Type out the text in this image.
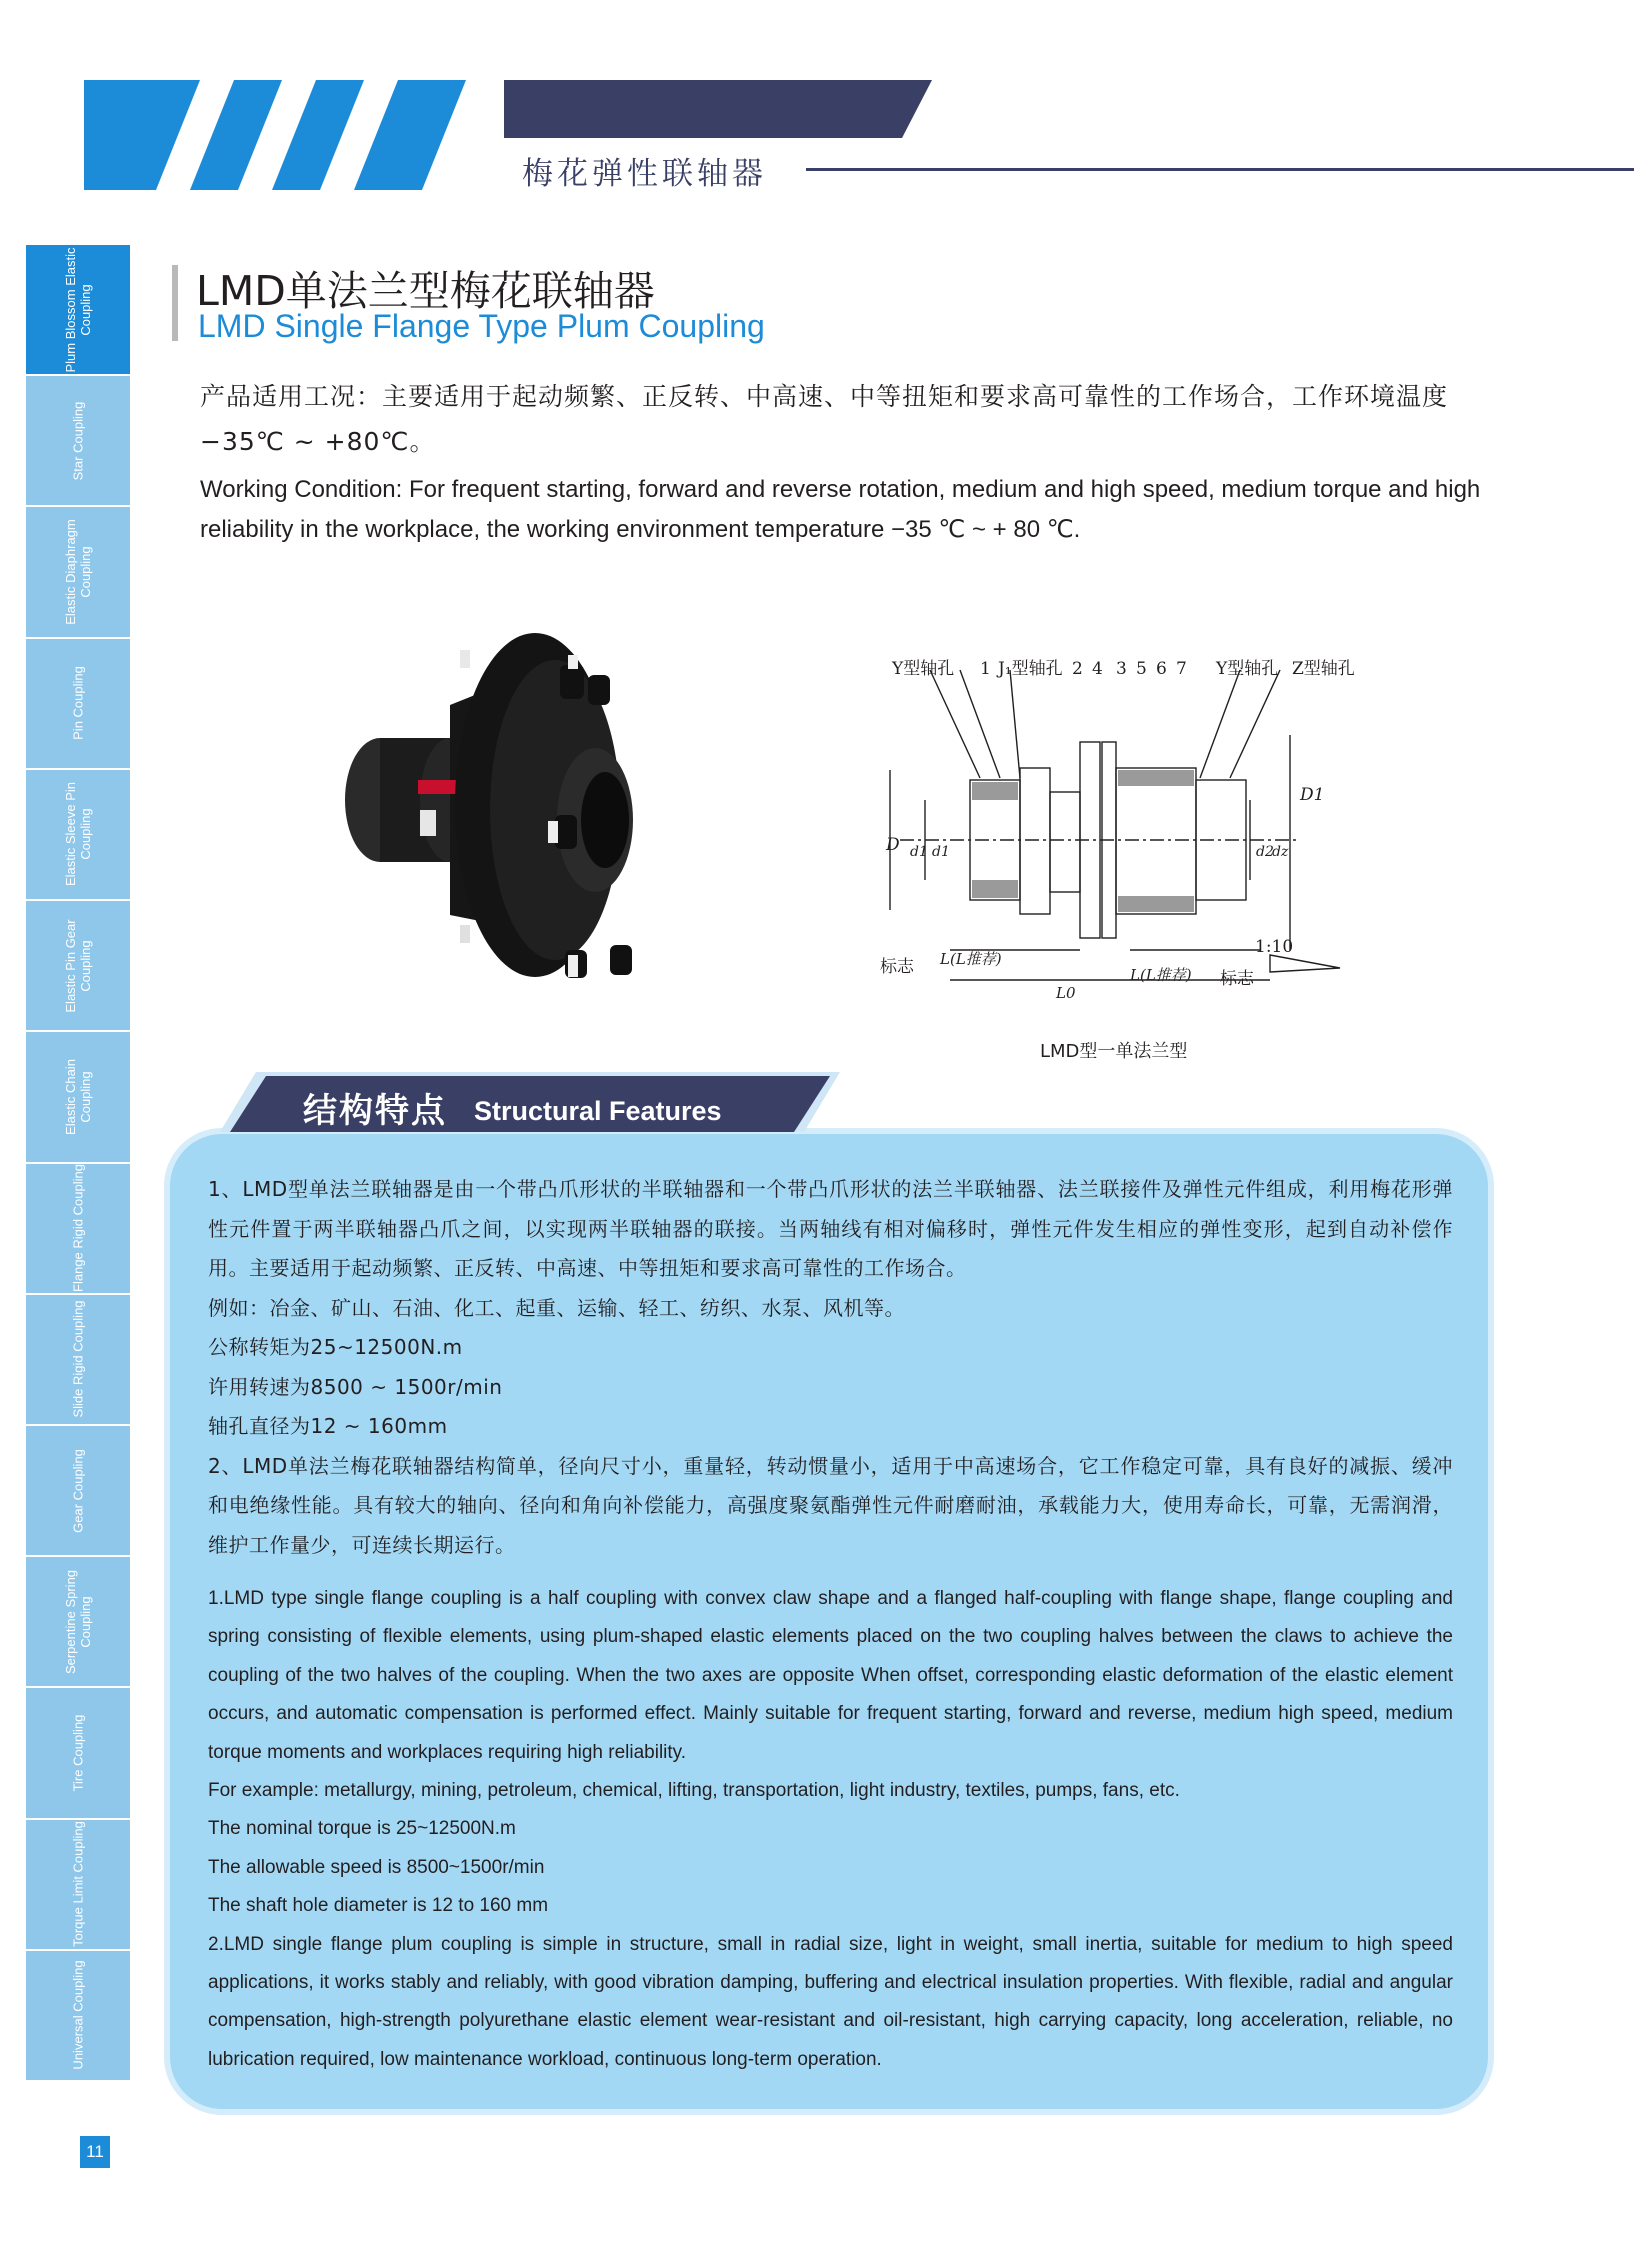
梅花弹性联轴器
Plum Blossom Elastic Coupling
Star Coupling
Elastic Diaphragm Coupling
Pin Coupling
Elastic Sleeve Pin Coupling
Elastic Pin Gear Coupling
Elastic Chain Coupling
Flange Rigid Coupling
Slide Rigid Coupling
Gear Coupling
Serpentine Spring Coupling
Tire Coupling
Torque Limit Coupling
Universal Coupling
LMD单法兰型梅花联轴器
LMD Single Flange Type Plum Coupling
产品适用工况：主要适用于起动频繁、正反转、中高速、中等扭矩和要求高可靠性的工作场合，工作环境温度 −35℃ ~ +80℃。
Working Condition: For frequent starting, forward and reverse rotation, medium and high speed, medium torque and high reliability in the workplace, the working environment temperature −35 ℃ ~ + 80 ℃.
Y型轴孔 1 J₁型轴孔 2 4 3 5 6 7 Y型轴孔 Z型轴孔
D d1 d1	d2
dz
D1
标志 L(L推荐)
L0
L(L推荐) 标志
1:10
LMD型一单法兰型
结构特点 Structural Features

1、LMD型单法兰联轴器是由一个带凸爪形状的半联轴器和一个带凸爪形状的法兰半联轴器、法兰联接件及弹性元件组成，利用梅花形弹性元件置于两半联轴器凸爪之间，以实现两半联轴器的联接。当两轴线有相对偏移时，弹性元件发生相应的弹性变形，起到自动补偿作用。主要适用于起动频繁、正反转、中高速、中等扭矩和要求高可靠性的工作场合。

例如：冶金、矿山、石油、化工、起重、运输、轻工、纺织、水泵、风机等。

公称转矩为25~12500N.m

许用转速为8500 ~ 1500r/min

轴孔直径为12 ~ 160mm

2、LMD单法兰梅花联轴器结构简单，径向尺寸小，重量轻，转动惯量小，适用于中高速场合，它工作稳定可靠，具有良好的减振、缓冲和电绝缘性能。具有较大的轴向、径向和角向补偿能力，高强度聚氨酯弹性元件耐磨耐油，承载能力大，使用寿命长，可靠，无需润滑，维护工作量少，可连续长期运行。

1.LMD type single flange coupling is a half coupling with convex claw shape and a flanged half-coupling with flange shape, flange coupling and spring consisting of flexible elements, using plum-shaped elastic elements placed on the two coupling halves between the claws to achieve the coupling of the two halves of the coupling. When the two axes are opposite When offset, corresponding elastic deformation of the elastic element occurs, and automatic compensation is performed effect. Mainly suitable for frequent starting, forward and reverse, medium high speed, medium torque moments and workplaces requiring high reliability.

For example: metallurgy, mining, petroleum, chemical, lifting, transportation, light industry, textiles, pumps, fans, etc.

The nominal torque is 25~12500N.m

The allowable speed is 8500~1500r/min

The shaft hole diameter is 12 to 160 mm

2.LMD single flange plum coupling is simple in structure, small in radial size, light in weight, small inertia, suitable for medium to high speed applications, it works stably and reliably, with good vibration damping, buffering and electrical insulation properties. With flexible, radial and angular compensation, high-strength polyurethane elastic element wear-resistant and oil-resistant, high carrying capacity, long acceleration, reliable, no lubrication required, low maintenance workload, continuous long-term operation.

11
